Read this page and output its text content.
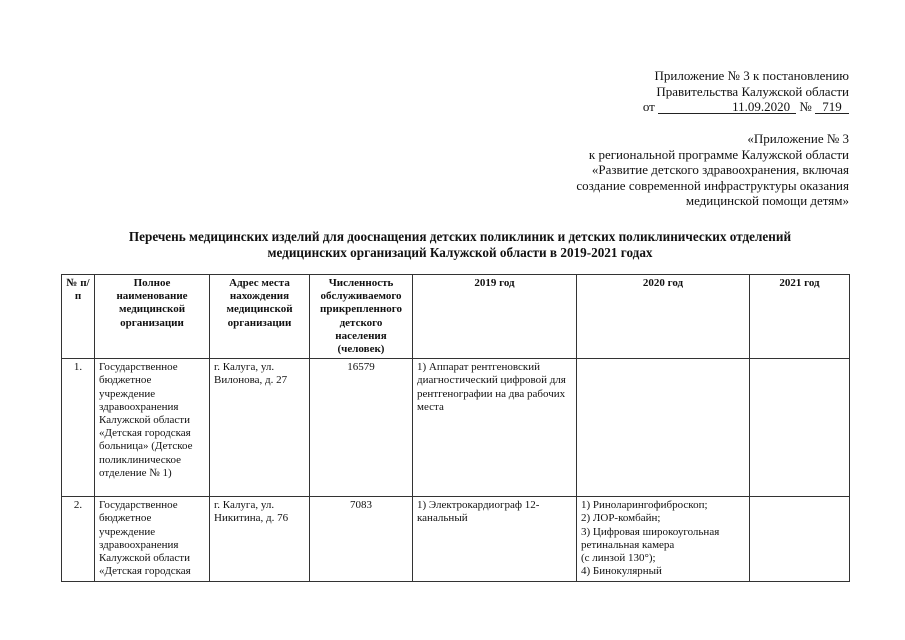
Приложение № 3 к постановлению
Правительства Калужской области
от	11.09.2020 № 719
«Приложение № 3
к региональной программе Калужской области
«Развитие детского здравоохранения, включая
создание современной инфраструктуры оказания
медицинской помощи детям»
Перечень медицинских изделий для дооснащения детских поликлиник и детских поликлинических отделений
медицинских организаций Калужской области в 2019-2021 годах
№ п/п	Полное наименование медицинской организации	Адрес места нахождения медицинской организации	Численность обслуживаемого прикрепленного детского населения (человек)	2019 год	2020 год	2021 год
1.	Государственное бюджетное учреждение здравоохранения Калужской области «Детская городская больница» (Детское поликлиническое отделение № 1)	г. Калуга, ул. Вилонова, д. 27	16579	1) Аппарат рентгеновский диагностический цифровой для рентгенографии на два рабочих места		

2.	Государственное бюджетное учреждение здравоохранения Калужской области «Детская городская	г. Калуга, ул. Никитина, д. 76	7083	1) Электрокардиограф 12-канальный	1) Риноларингофиброскоп;
2) ЛОР-комбайн;
3) Цифровая широкоугольная ретинальная камера
(с линзой 130°);
4) Бинокулярный	
